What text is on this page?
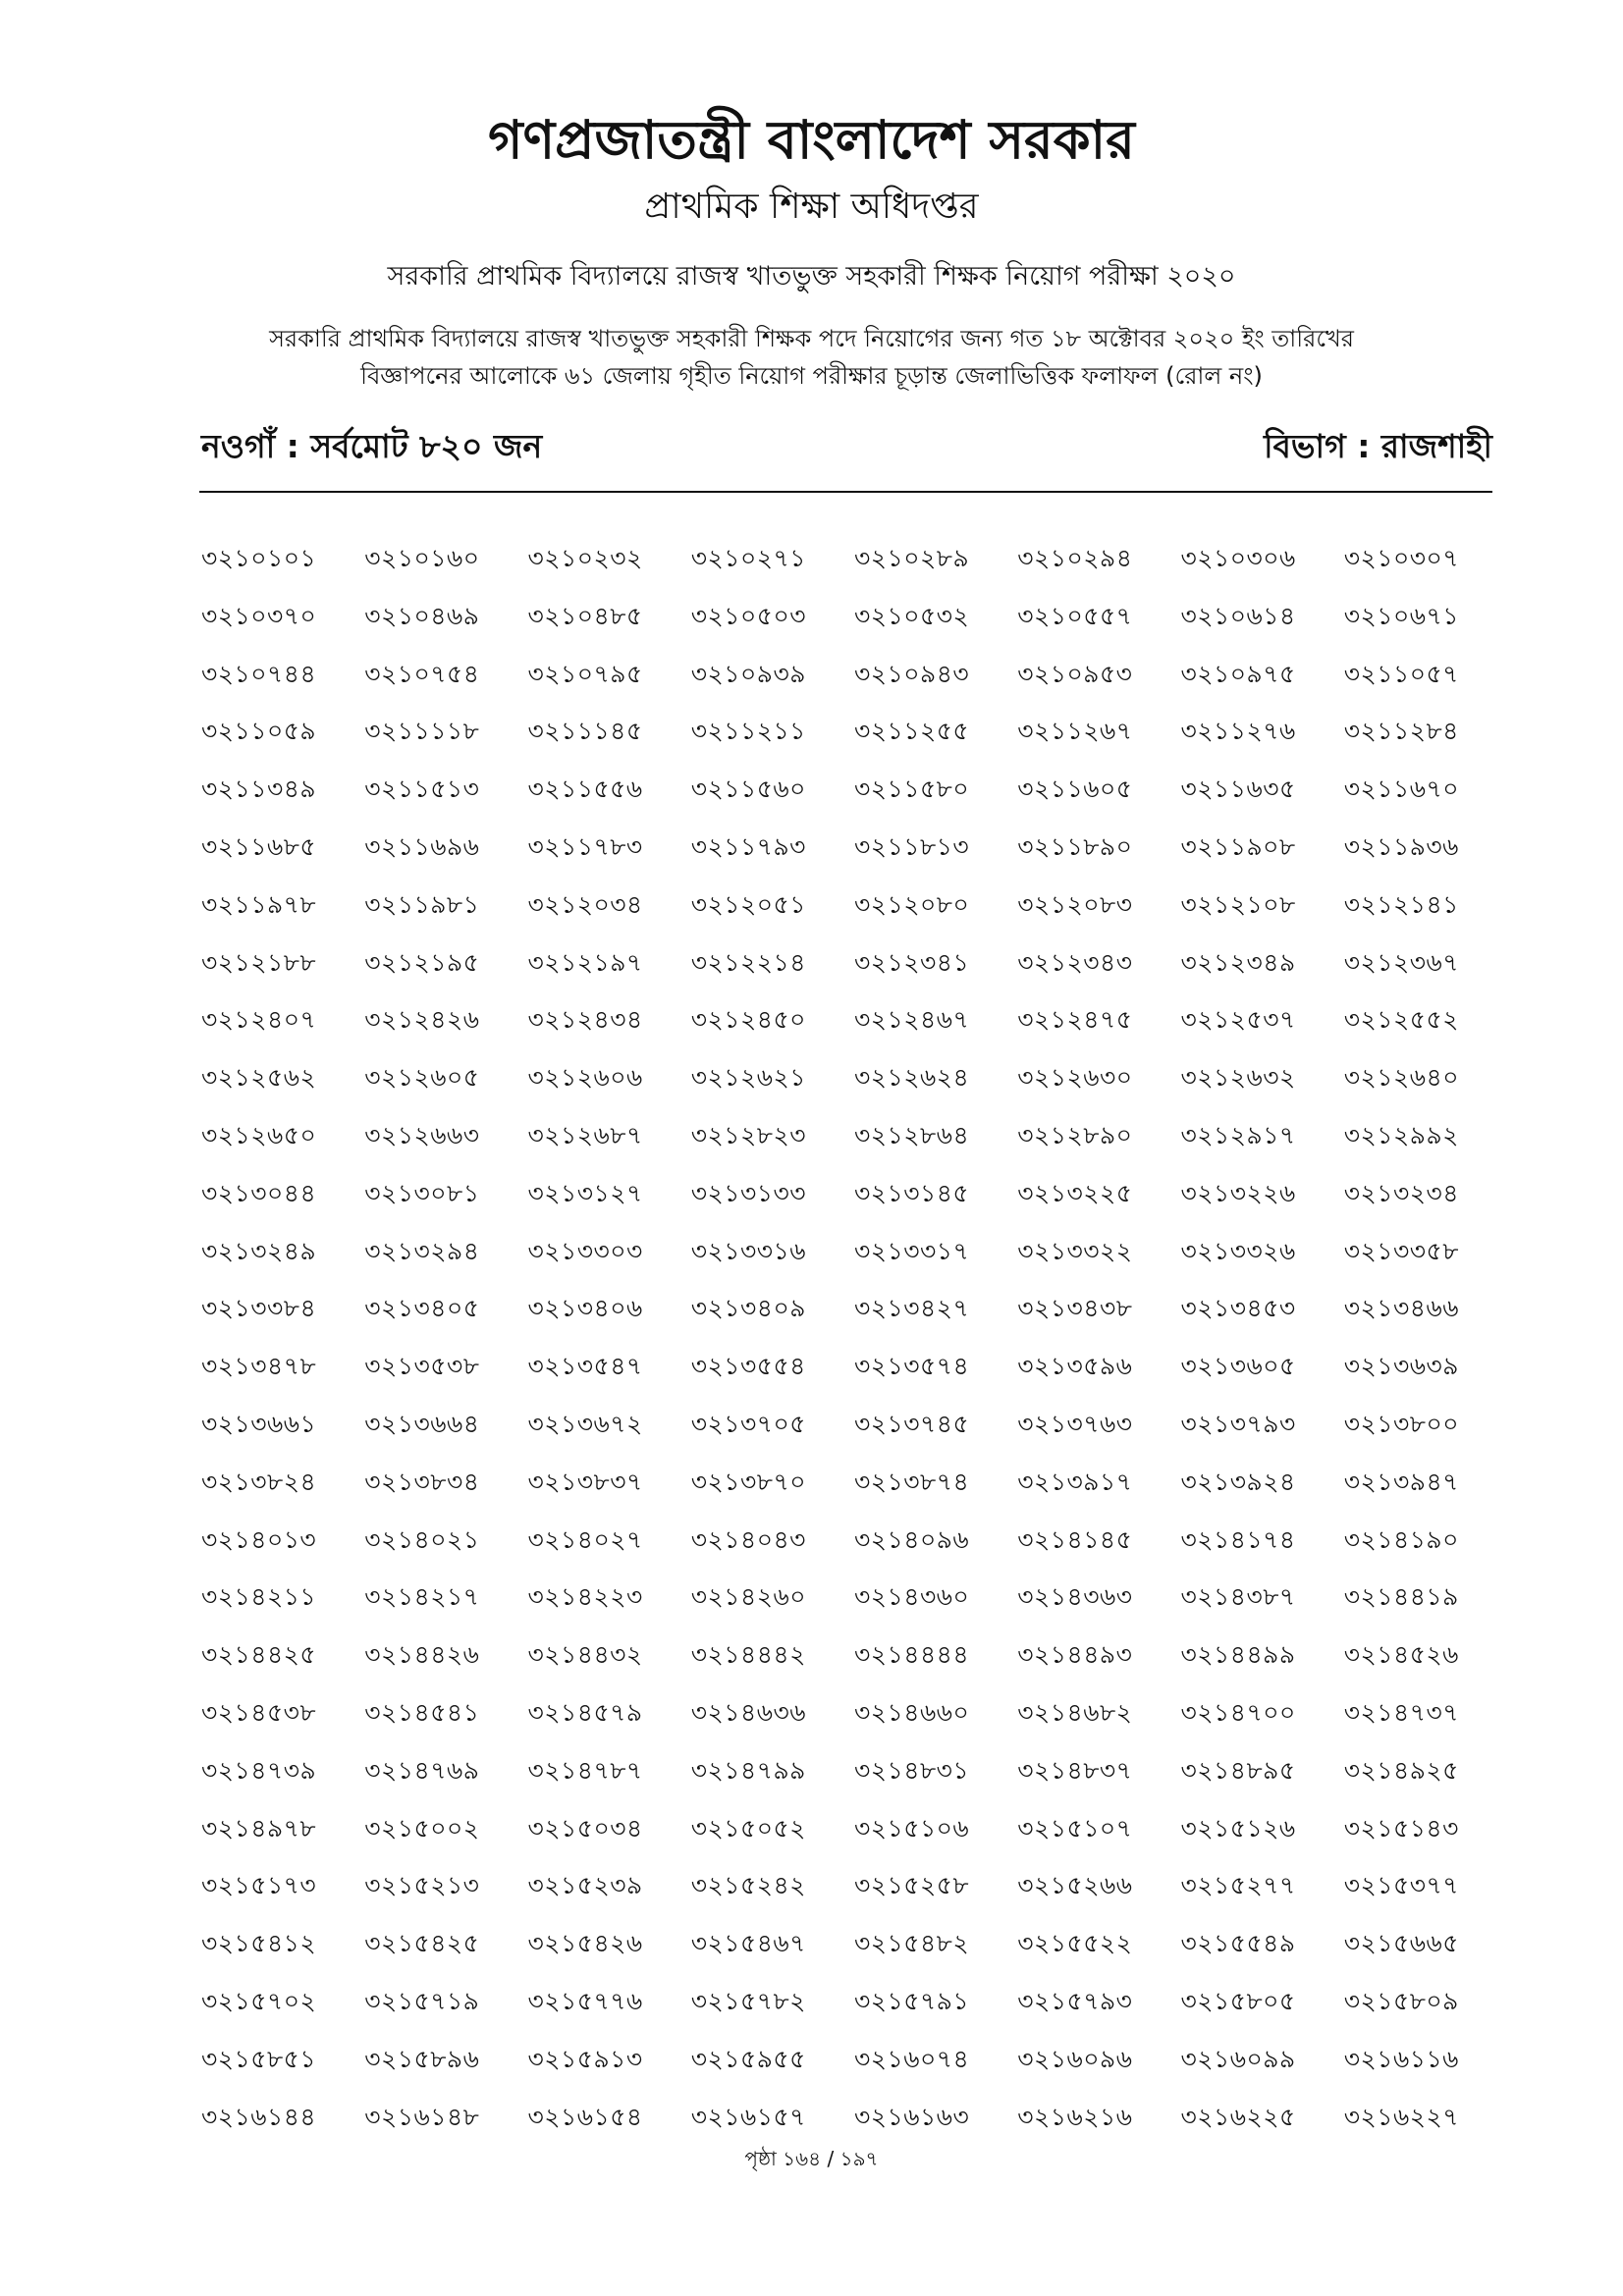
গণপ্রজাতন্ত্রী বাংলাদেশ সরকার
প্রাথমিক শিক্ষা অধিদপ্তর
সরকারি প্রাথমিক বিদ্যালয়ে রাজস্ব খাতভুক্ত সহকারী শিক্ষক নিয়োগ পরীক্ষা ২০২০
সরকারি প্রাথমিক বিদ্যালয়ে রাজস্ব খাতভুক্ত সহকারী শিক্ষক পদে নিয়োগের জন্য গত ১৮ অক্টোবর ২০২০ ইং তারিখের
বিজ্ঞাপনের আলোকে ৬১ জেলায় গৃহীত নিয়োগ পরীক্ষার চূড়ান্ত জেলাভিত্তিক ফলাফল (রোল নং)
নওগাঁ : সর্বমোট ৮২০ জন	বিভাগ : রাজশাহী
৩২১০১০১	৩২১০১৬০	৩২১০২৩২	৩২১০২৭১	৩২১০২৮৯	৩২১০২৯৪	৩২১০৩০৬	৩২১০৩০৭
৩২১০৩৭০	৩২১০৪৬৯	৩২১০৪৮৫	৩২১০৫০৩	৩২১০৫৩২	৩২১০৫৫৭	৩২১০৬১৪	৩২১০৬৭১
৩২১০৭৪৪	৩২১০৭৫৪	৩২১০৭৯৫	৩২১০৯৩৯	৩২১০৯৪৩	৩২১০৯৫৩	৩২১০৯৭৫	৩২১১০৫৭
৩২১১০৫৯	৩২১১১১৮	৩২১১১৪৫	৩২১১২১১	৩২১১২৫৫	৩২১১২৬৭	৩২১১২৭৬	৩২১১২৮৪
৩২১১৩৪৯	৩২১১৫১৩	৩২১১৫৫৬	৩২১১৫৬০	৩২১১৫৮০	৩২১১৬০৫	৩২১১৬৩৫	৩২১১৬৭০
৩২১১৬৮৫	৩২১১৬৯৬	৩২১১৭৮৩	৩২১১৭৯৩	৩২১১৮১৩	৩২১১৮৯০	৩২১১৯০৮	৩২১১৯৩৬
৩২১১৯৭৮	৩২১১৯৮১	৩২১২০৩৪	৩২১২০৫১	৩২১২০৮০	৩২১২০৮৩	৩২১২১০৮	৩২১২১৪১
৩২১২১৮৮	৩২১২১৯৫	৩২১২১৯৭	৩২১২২১৪	৩২১২৩৪১	৩২১২৩৪৩	৩২১২৩৪৯	৩২১২৩৬৭
৩২১২৪০৭	৩২১২৪২৬	৩২১২৪৩৪	৩২১২৪৫০	৩২১২৪৬৭	৩২১২৪৭৫	৩২১২৫৩৭	৩২১২৫৫২
৩২১২৫৬২	৩২১২৬০৫	৩২১২৬০৬	৩২১২৬২১	৩২১২৬২৪	৩২১২৬৩০	৩২১২৬৩২	৩২১২৬৪০
৩২১২৬৫০	৩২১২৬৬৩	৩২১২৬৮৭	৩২১২৮২৩	৩২১২৮৬৪	৩২১২৮৯০	৩২১২৯১৭	৩২১২৯৯২
৩২১৩০৪৪	৩২১৩০৮১	৩২১৩১২৭	৩২১৩১৩৩	৩২১৩১৪৫	৩২১৩২২৫	৩২১৩২২৬	৩২১৩২৩৪
৩২১৩২৪৯	৩২১৩২৯৪	৩২১৩৩০৩	৩২১৩৩১৬	৩২১৩৩১৭	৩২১৩৩২২	৩২১৩৩২৬	৩২১৩৩৫৮
৩২১৩৩৮৪	৩২১৩৪০৫	৩২১৩৪০৬	৩২১৩৪০৯	৩২১৩৪২৭	৩২১৩৪৩৮	৩২১৩৪৫৩	৩২১৩৪৬৬
৩২১৩৪৭৮	৩২১৩৫৩৮	৩২১৩৫৪৭	৩২১৩৫৫৪	৩২১৩৫৭৪	৩২১৩৫৯৬	৩২১৩৬০৫	৩২১৩৬৩৯
৩২১৩৬৬১	৩২১৩৬৬৪	৩২১৩৬৭২	৩২১৩৭০৫	৩২১৩৭৪৫	৩২১৩৭৬৩	৩২১৩৭৯৩	৩২১৩৮০০
৩২১৩৮২৪	৩২১৩৮৩৪	৩২১৩৮৩৭	৩২১৩৮৭০	৩২১৩৮৭৪	৩২১৩৯১৭	৩২১৩৯২৪	৩২১৩৯৪৭
৩২১৪০১৩	৩২১৪০২১	৩২১৪০২৭	৩২১৪০৪৩	৩২১৪০৯৬	৩২১৪১৪৫	৩২১৪১৭৪	৩২১৪১৯০
৩২১৪২১১	৩২১৪২১৭	৩২১৪২২৩	৩২১৪২৬০	৩২১৪৩৬০	৩২১৪৩৬৩	৩২১৪৩৮৭	৩২১৪৪১৯
৩২১৪৪২৫	৩২১৪৪২৬	৩২১৪৪৩২	৩২১৪৪৪২	৩২১৪৪৪৪	৩২১৪৪৯৩	৩২১৪৪৯৯	৩২১৪৫২৬
৩২১৪৫৩৮	৩২১৪৫৪১	৩২১৪৫৭৯	৩২১৪৬৩৬	৩২১৪৬৬০	৩২১৪৬৮২	৩২১৪৭০০	৩২১৪৭৩৭
৩২১৪৭৩৯	৩২১৪৭৬৯	৩২১৪৭৮৭	৩২১৪৭৯৯	৩২১৪৮৩১	৩২১৪৮৩৭	৩২১৪৮৯৫	৩২১৪৯২৫
৩২১৪৯৭৮	৩২১৫০০২	৩২১৫০৩৪	৩২১৫০৫২	৩২১৫১০৬	৩২১৫১০৭	৩২১৫১২৬	৩২১৫১৪৩
৩২১৫১৭৩	৩২১৫২১৩	৩২১৫২৩৯	৩২১৫২৪২	৩২১৫২৫৮	৩২১৫২৬৬	৩২১৫২৭৭	৩২১৫৩৭৭
৩২১৫৪১২	৩২১৫৪২৫	৩২১৫৪২৬	৩২১৫৪৬৭	৩২১৫৪৮২	৩২১৫৫২২	৩২১৫৫৪৯	৩২১৫৬৬৫
৩২১৫৭০২	৩২১৫৭১৯	৩২১৫৭৭৬	৩২১৫৭৮২	৩২১৫৭৯১	৩২১৫৭৯৩	৩২১৫৮০৫	৩২১৫৮০৯
৩২১৫৮৫১	৩২১৫৮৯৬	৩২১৫৯১৩	৩২১৫৯৫৫	৩২১৬০৭৪	৩২১৬০৯৬	৩২১৬০৯৯	৩২১৬১১৬
৩২১৬১৪৪	৩২১৬১৪৮	৩২১৬১৫৪	৩২১৬১৫৭	৩২১৬১৬৩	৩২১৬২১৬	৩২১৬২২৫	৩২১৬২২৭
পৃষ্ঠা ১৬৪ / ১৯৭
